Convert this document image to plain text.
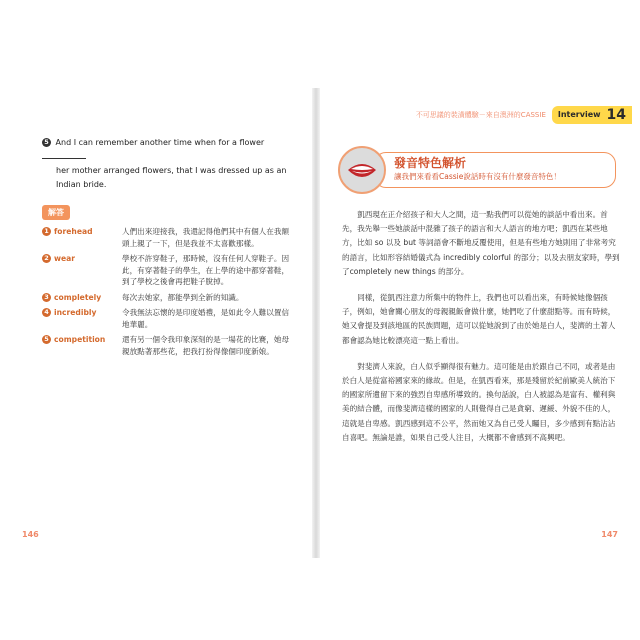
5 And I can remember another time when for a flower
her mother arranged flowers, that I was dressed up as an
Indian bride.
解答
1 forehead	人們出來迎接我，我還記得他們其中有個人在我額頭上親了一下，但是我並不太喜歡那樣。
2 wear	學校不許穿鞋子，那時候，沒有任何人穿鞋子。因此，有穿著鞋子的學生，在上學的途中都穿著鞋，到了學校之後會再把鞋子脫掉。
3 completely	每次去她家，都能學到全新的知識。
4 incredibly	令我無法忘懷的是印度婚禮，是如此令人難以置信地華麗。
5 competition 還有另一個令我印象深刻的是一場花的比賽，她母親放點著那些花，把我打扮得像個印度新娘。
146
不可思議的裝潢體驗－來自澳洲的CASSIE	Interview 14
發音特色解析
讓我們來看看Cassie說話時有沒有什麼發音特色！

凱西現在正介紹孩子和大人之間，這一點我們可以從她的談話中看出來。首先，我先舉一些她談話中混雜了孩子的語言和大人語言的地方吧；凱西在某些地方，比如 so 以及 but 等詞語會不斷地反覆使用，但是有些地方她則用了非常考究的語言，比如形容結婚儀式為 incredibly colorful 的部分；以及去朋友家時，學到了completely new things 的部分。

同樣，從凱西注意力所集中的物件上，我們也可以看出來，有時候她像個孩子，例如，她會關心朋友的母親親飯會做什麼，她們吃了什麼甜點等。而有時候，她又會提及到該地區的民族問題，這可以從她說到了由於她是白人，斐濟的土著人都會認為她比較漂亮這一點上看出。

對斐濟人來說，白人似乎顯得很有魅力。這可能是由於跟自己不同，或者是由於白人是從富裕國家來的緣故。但是，在凱西看來，那是殘留於紀前歐美人統治下的國家所遺留下來的強烈自卑感所導致的。換句話說，白人被認為是富有、權利與美的結合體，而像斐濟這樣的國家的人則覺得自己是貪窮、遲緩、外貌不佳的人，這就是自卑感。凱西感到這不公平，然而她又為自己受人矚目，多少感到有點沾沾自喜吧。無論是誰，如果自己受人注目，大概都不會感到不高興吧。

147
